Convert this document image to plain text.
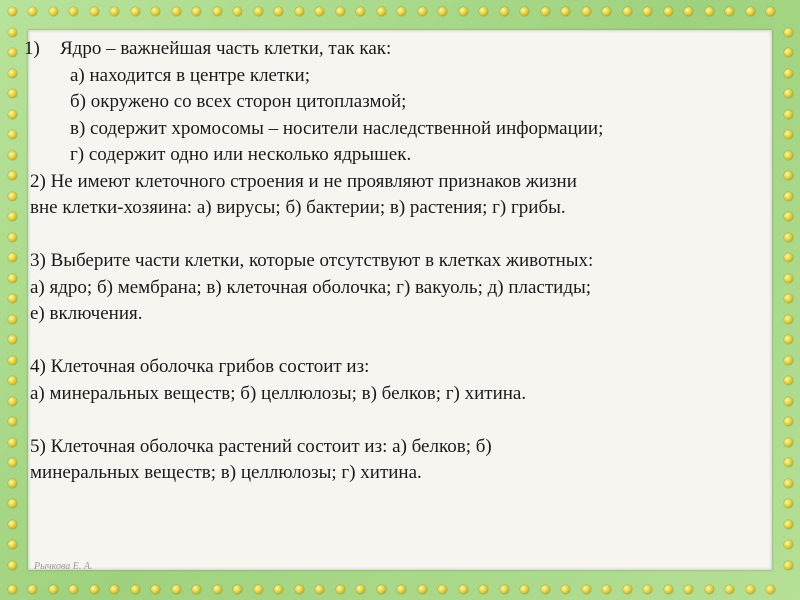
1)	Ядро – важнейшая часть клетки, так как:
а) находится в центре клетки;
б) окружено со всех сторон цитоплазмой;
в) содержит хромосомы – носители наследственной информации;
г) содержит одно или несколько ядрышек.

2) Не имеют клеточного строения и не проявляют признаков жизни

вне клетки-хозяина: а) вирусы; б) бактерии; в) растения; г) грибы.

3) Выберите части клетки, которые отсутствуют в клетках животных:

а) ядро; б) мембрана; в) клеточная оболочка; г) вакуоль; д) пластиды;

е) включения.

4) Клеточная оболочка грибов состоит из:

а) минеральных веществ; б) целлюлозы; в) белков; г) хитина.

5) Клеточная оболочка растений состоит из: а) белков; б)

минеральных веществ; в) целлюлозы; г) хитина.

Рычкова Е. А.
